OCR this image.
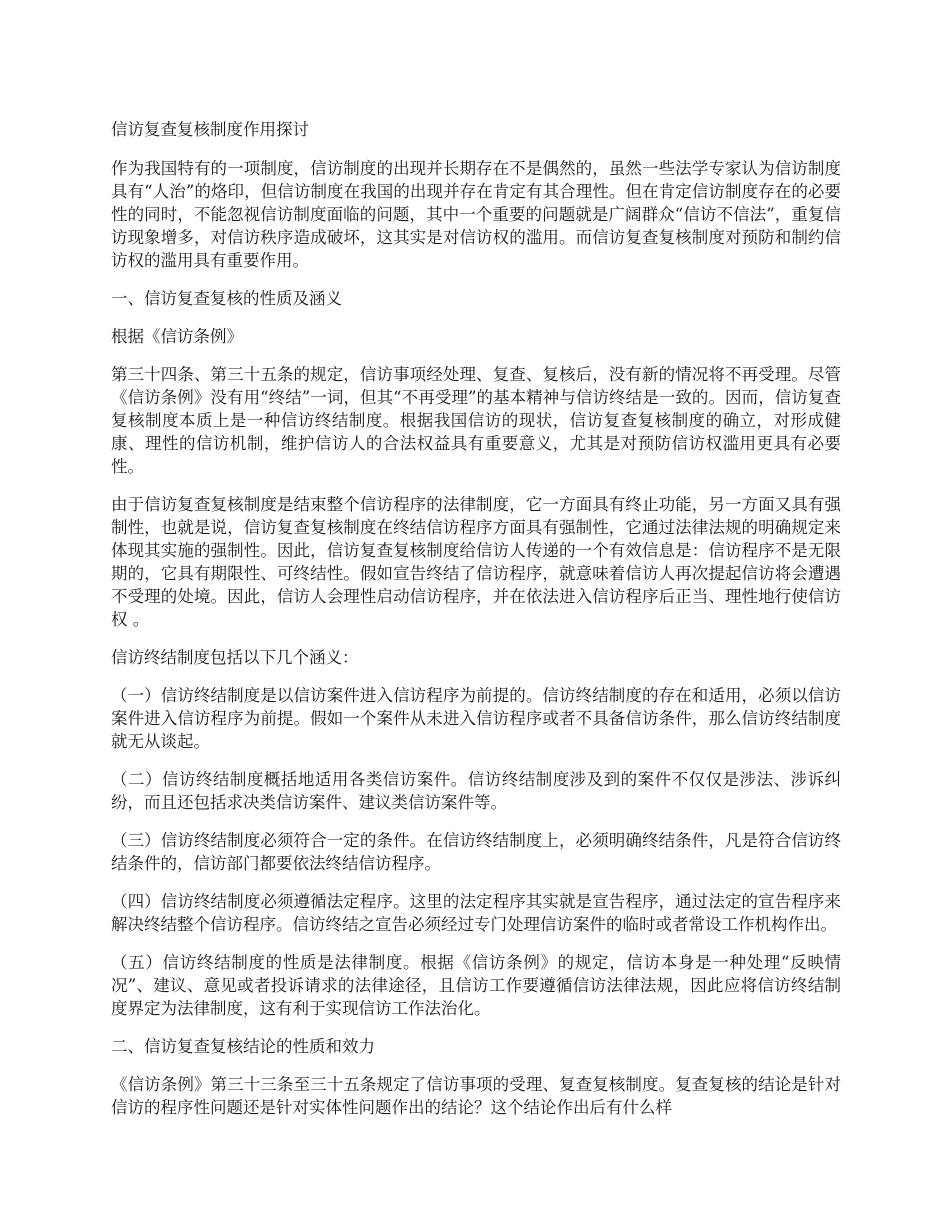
信访复查复核制度作用探讨

作为我国特有的一项制度，信访制度的出现并长期存在不是偶然的，虽然一些法学专家认为信访制度具有“人治”的烙印，但信访制度在我国的出现并存在肯定有其合理性。但在肯定信访制度存在的必要性的同时，不能忽视信访制度面临的问题，其中一个重要的问题就是广阔群众“信访不信法”，重复信访现象增多，对信访秩序造成破坏，这其实是对信访权的滥用。而信访复查复核制度对预防和制约信访权的滥用具有重要作用。

一、信访复查复核的性质及涵义

根据《信访条例》

第三十四条、第三十五条的规定，信访事项经处理、复查、复核后，没有新的情况将不再受理。尽管《信访条例》没有用“终结”一词，但其“不再受理”的基本精神与信访终结是一致的。因而，信访复查复核制度本质上是一种信访终结制度。根据我国信访的现状，信访复查复核制度的确立，对形成健康、理性的信访机制，维护信访人的合法权益具有重要意义，尤其是对预防信访权滥用更具有必要性。

由于信访复查复核制度是结束整个信访程序的法律制度，它一方面具有终止功能，另一方面又具有强制性，也就是说，信访复查复核制度在终结信访程序方面具有强制性，它通过法律法规的明确规定来体现其实施的强制性。因此，信访复查复核制度给信访人传递的一个有效信息是：信访程序不是无限期的，它具有期限性、可终结性。假如宣告终结了信访程序，就意味着信访人再次提起信访将会遭遇不受理的处境。因此，信访人会理性启动信访程序，并在依法进入信访程序后正当、理性地行使信访权 。

信访终结制度包括以下几个涵义：

（一）信访终结制度是以信访案件进入信访程序为前提的。信访终结制度的存在和适用，必须以信访案件进入信访程序为前提。假如一个案件从未进入信访程序或者不具备信访条件，那么信访终结制度就无从谈起。

（二）信访终结制度概括地适用各类信访案件。信访终结制度涉及到的案件不仅仅是涉法、涉诉纠纷，而且还包括求决类信访案件、建议类信访案件等。

（三）信访终结制度必须符合一定的条件。在信访终结制度上，必须明确终结条件，凡是符合信访终结条件的，信访部门都要依法终结信访程序。

（四）信访终结制度必须遵循法定程序。这里的法定程序其实就是宣告程序，通过法定的宣告程序来解决终结整个信访程序。信访终结之宣告必须经过专门处理信访案件的临时或者常设工作机构作出。

（五）信访终结制度的性质是法律制度。根据《信访条例》的规定，信访本身是一种处理“反映情况”、建议、意见或者投诉请求的法律途径，且信访工作要遵循信访法律法规，因此应将信访终结制度界定为法律制度，这有利于实现信访工作法治化。

二、信访复查复核结论的性质和效力

《信访条例》第三十三条至三十五条规定了信访事项的受理、复查复核制度。复查复核的结论是针对信访的程序性问题还是针对实体性问题作出的结论？这个结论作出后有什么样
